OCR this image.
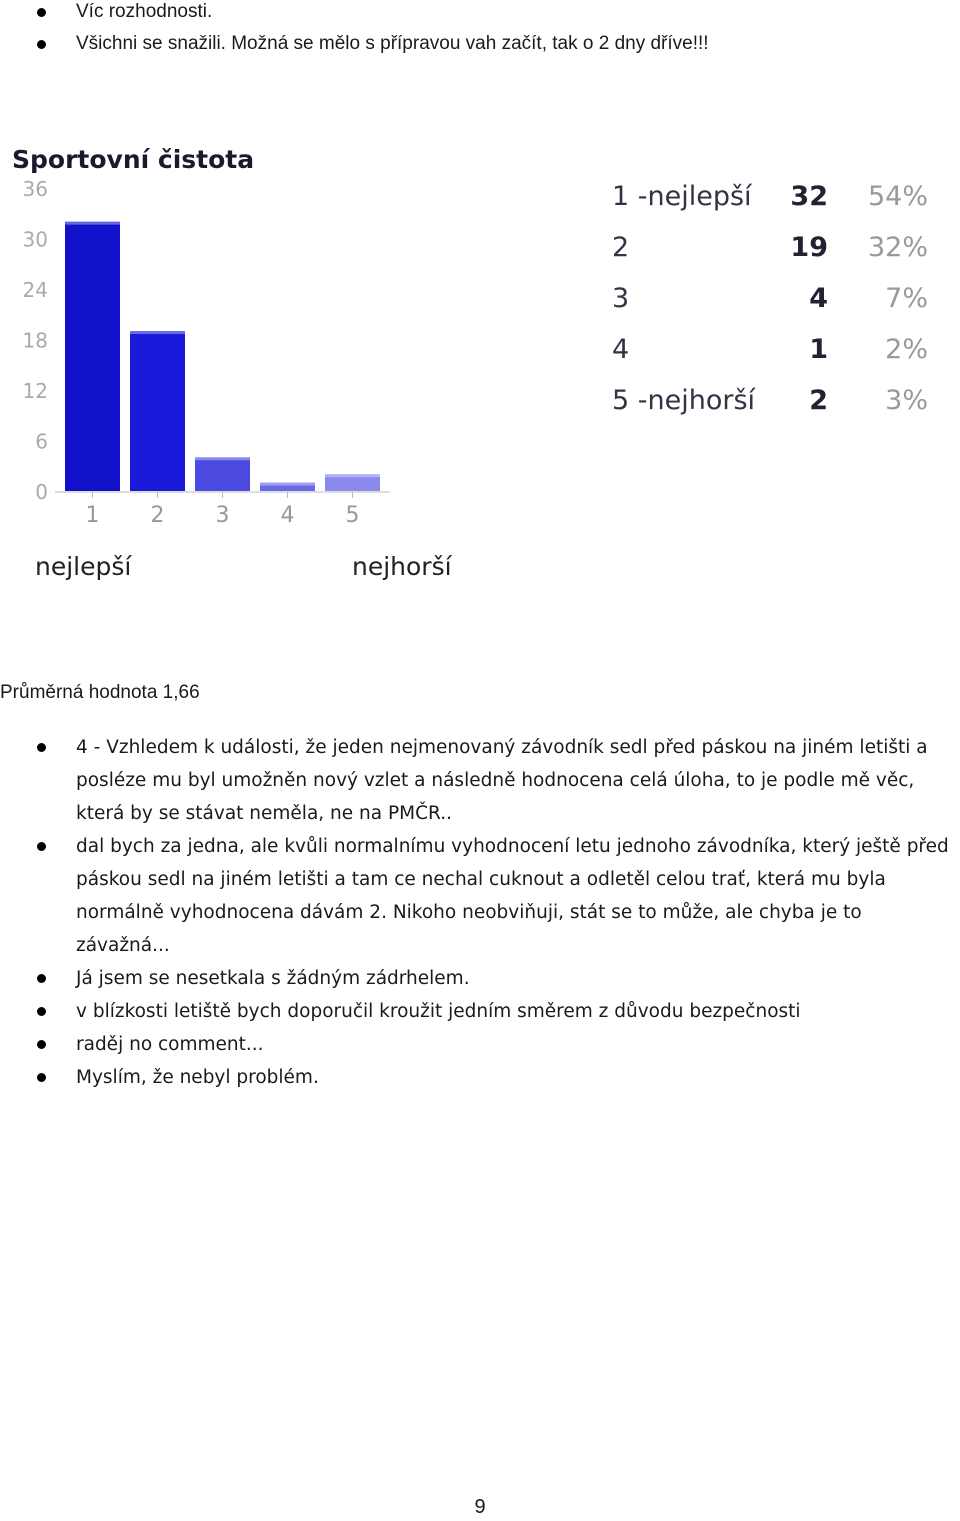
Víc rozhodnosti.
Všichni se snažili. Možná se mělo s přípravou vah začít, tak o 2 dny dříve!!!
Sportovní čistota
36
30
24
18
12
6
0
1 2 3 4 5
nejlepší	nejhorší
1 -nejlepší 32 54%
2	19 32%
3	4 7%
4	1 2%
5 -nejhorší 2 3%
Průměrná hodnota 1,66
4 - Vzhledem k události, že jeden nejmenovaný závodník sedl před páskou na jiném letišti a posléze mu byl umožněn nový vzlet a následně hodnocena celá úloha, to je podle mě věc, která by se stávat neměla, ne na PMČR..
dal bych za jedna, ale kvůli normalnímu vyhodnocení letu jednoho závodníka, který ještě před páskou sedl na jiném letišti a tam ce nechal cuknout a odletěl celou trať, která mu byla normálně vyhodnocena dávám 2. Nikoho neobviňuji, stát se to může, ale chyba je to závažná...
Já jsem se nesetkala s žádným zádrhelem.
v blízkosti letiště bych doporučil kroužit jedním směrem z důvodu bezpečnosti
raděj no comment...
Myslím, že nebyl problém.
9
